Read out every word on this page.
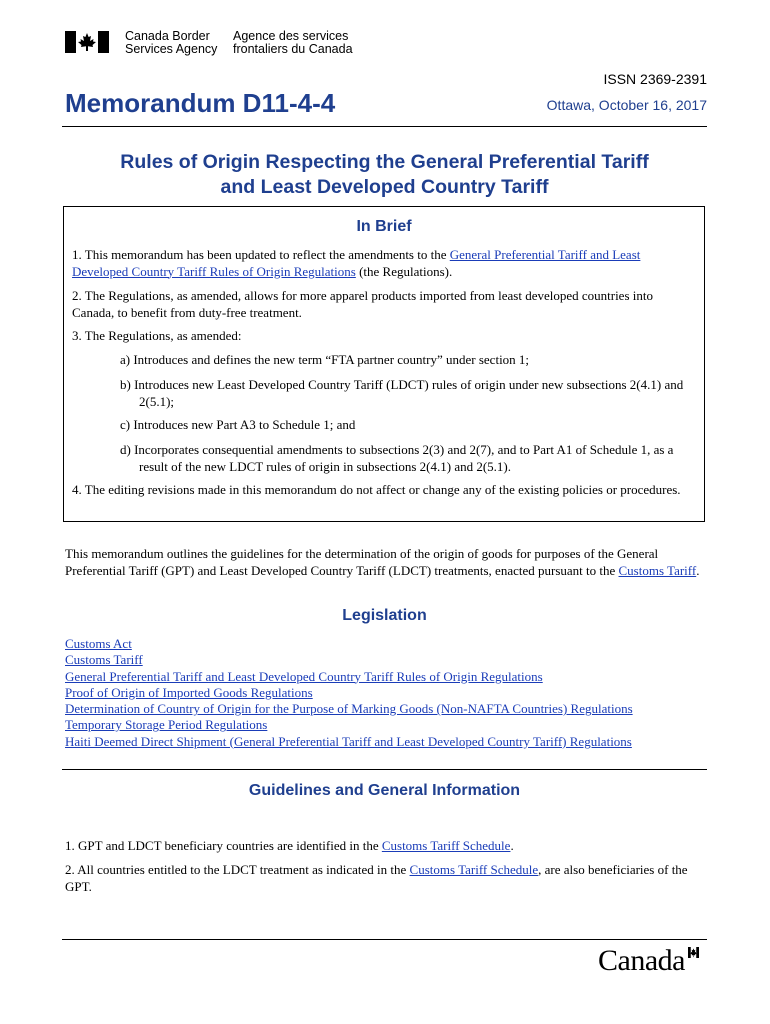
Canada Border
Services Agency
Agence des services
frontaliers du Canada
ISSN 2369-2391
Memorandum D11-4-4	Ottawa, October 16, 2017
Rules of Origin Respecting the General Preferential Tariff
and Least Developed Country Tariff
In Brief
1. This memorandum has been updated to reflect the amendments to the General Preferential Tariff and Least Developed Country Tariff Rules of Origin Regulations (the Regulations).
2. The Regulations, as amended, allows for more apparel products imported from least developed countries into Canada, to benefit from duty-free treatment.
3. The Regulations, as amended:
a) Introduces and defines the new term “FTA partner country” under section 1;
b) Introduces new Least Developed Country Tariff (LDCT) rules of origin under new subsections 2(4.1) and 2(5.1);
c) Introduces new Part A3 to Schedule 1; and
d) Incorporates consequential amendments to subsections 2(3) and 2(7), and to Part A1 of Schedule 1, as a result of the new LDCT rules of origin in subsections 2(4.1) and 2(5.1).
4. The editing revisions made in this memorandum do not affect or change any of the existing policies or procedures.
This memorandum outlines the guidelines for the determination of the origin of goods for purposes of the General Preferential Tariff (GPT) and Least Developed Country Tariff (LDCT) treatments, enacted pursuant to the Customs Tariff.
Legislation
Customs Act
Customs Tariff
General Preferential Tariff and Least Developed Country Tariff Rules of Origin Regulations
Proof of Origin of Imported Goods Regulations
Determination of Country of Origin for the Purpose of Marking Goods (Non-NAFTA Countries) Regulations
Temporary Storage Period Regulations
Haiti Deemed Direct Shipment (General Preferential Tariff and Least Developed Country Tariff) Regulations
Guidelines and General Information
1. GPT and LDCT beneficiary countries are identified in the Customs Tariff Schedule.
2. All countries entitled to the LDCT treatment as indicated in the Customs Tariff Schedule, are also beneficiaries of the GPT.
Canada
